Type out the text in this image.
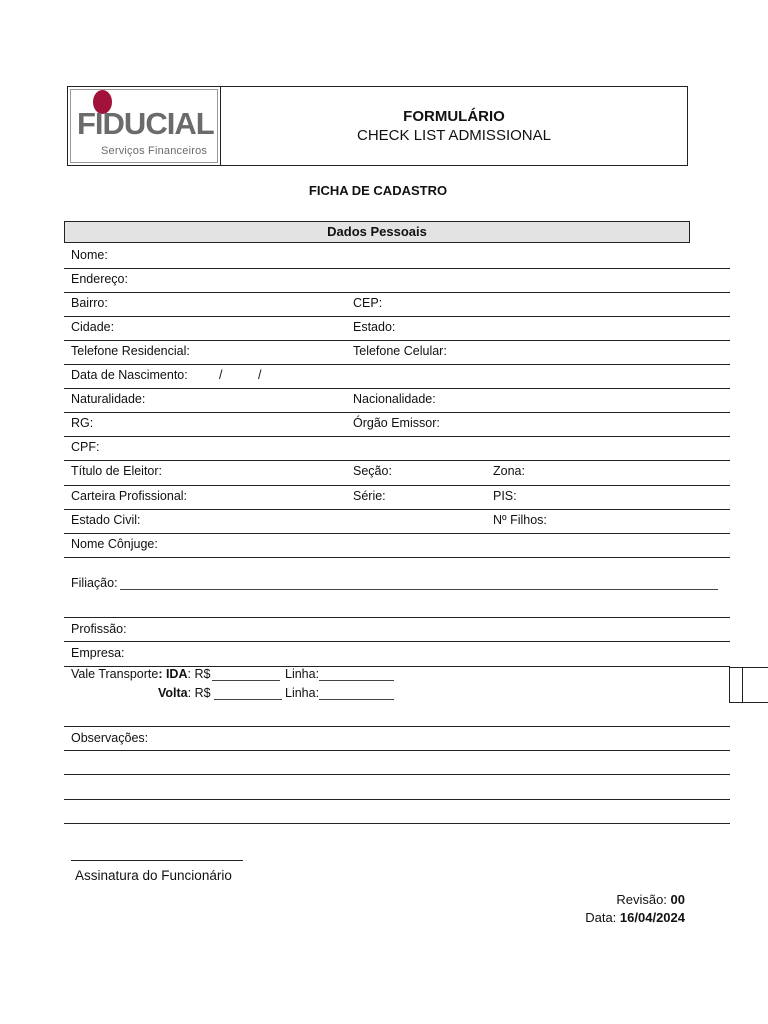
FIDUCIAL
Serviços Financeiros
FORMULÁRIO
CHECK LIST ADMISSIONAL
FICHA DE CADASTRO
Dados Pessoais
Nome:
Endereço:
Bairro:	CEP:
Cidade:	Estado:
Telefone Residencial:	Telefone Celular:
Data de Nascimento:	/	/
Naturalidade:	Nacionalidade:
RG:	Órgão Emissor:
CPF:
Título de Eleitor:	Seção:	Zona:
Carteira Profissional:	Série:	PIS:
Estado Civil:	Nº Filhos:
Nome Cônjuge:
Filiação:
Profissão:
Empresa:
Vale Transporte: IDA: R$	Linha:
Volta: R$	Linha:
Observações:
Assinatura do Funcionário
Revisão: 00
Data: 16/04/2024
